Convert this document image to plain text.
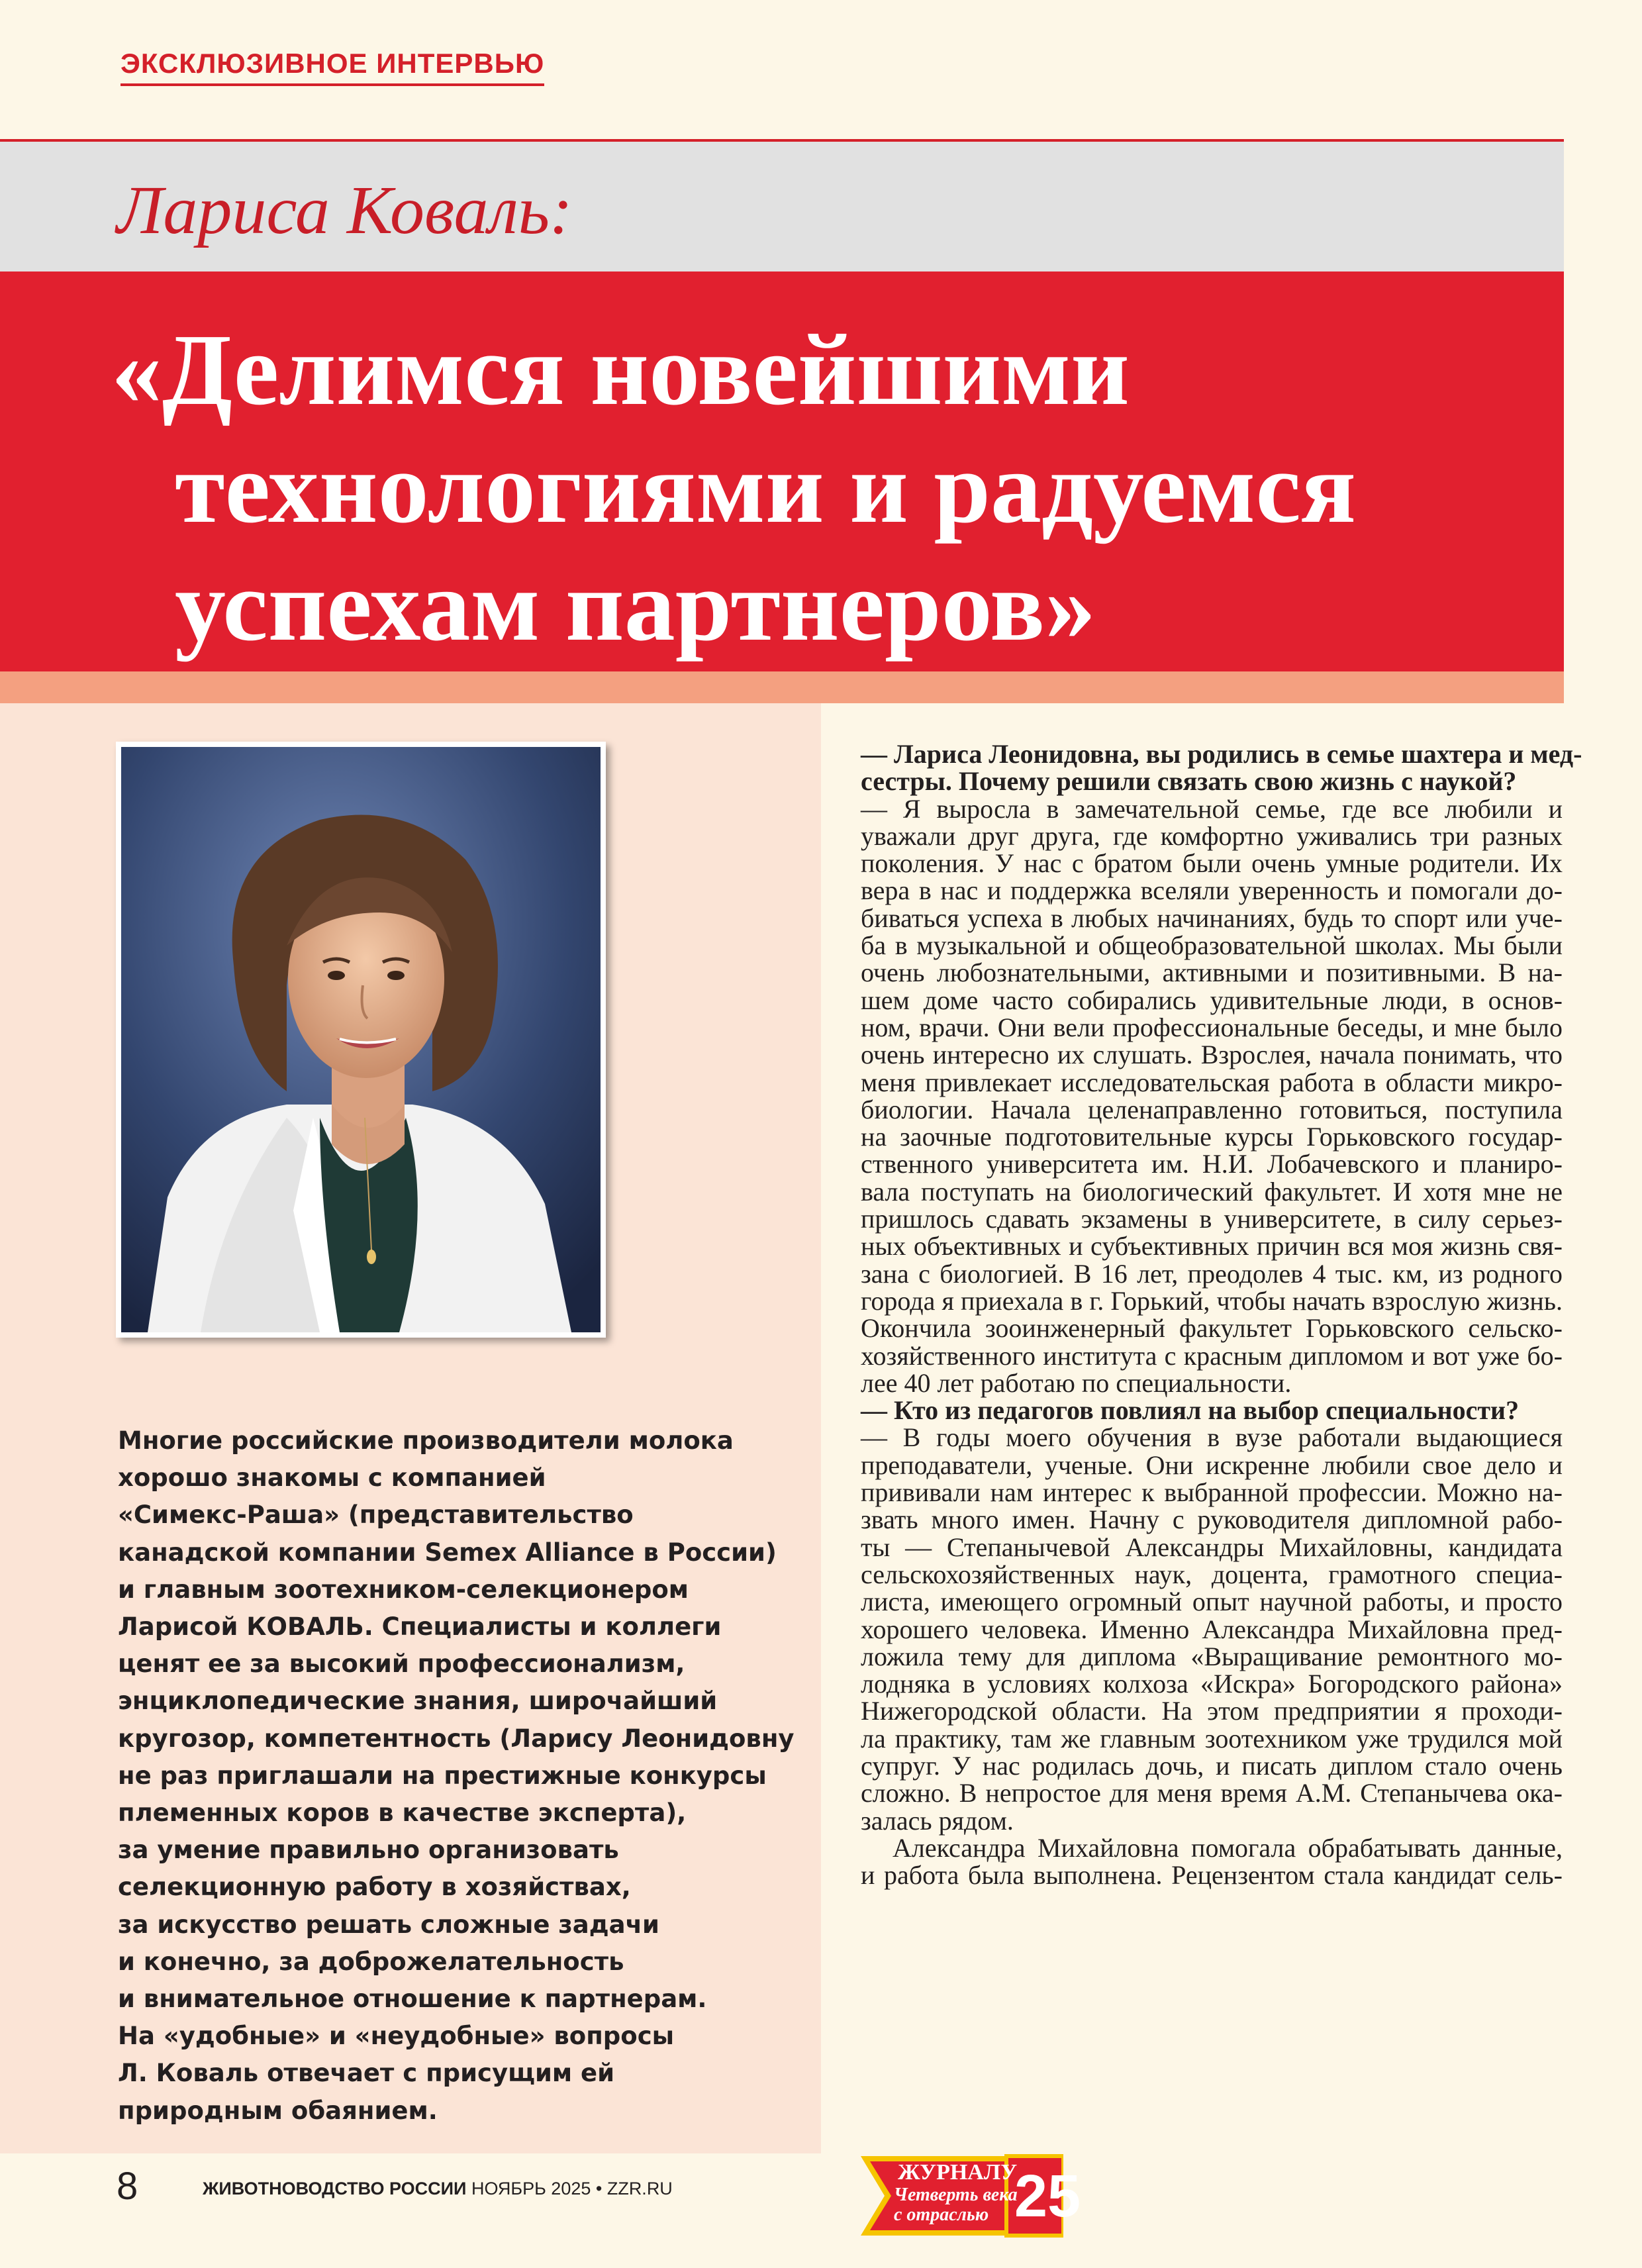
ЭКСКЛЮЗИВНОЕ ИНТЕРВЬЮ
Лариса Коваль:
«Делимся новейшими
технологиями и радуемся
успехам партнеров»
Многие российские производители молока
хорошо знакомы с компанией
«Симекс-Раша» (представительство
канадской компании Semex Alliance в России)
и главным зоотехником-селекционером
Ларисой КОВАЛЬ. Специалисты и коллеги
ценят ее за высокий профессионализм,
энциклопедические знания, широчайший
кругозор, компетентность (Ларису Леонидовну
не раз приглашали на престижные конкурсы
племенных коров в качестве эксперта),
за умение правильно организовать
селекционную работу в хозяйствах,
за искусство решать сложные задачи
и конечно, за доброжелательность
и внимательное отношение к партнерам.
На «удобные» и «неудобные» вопросы
Л. Коваль отвечает с присущим ей
природным обаянием.
— Лариса Леонидовна, вы родились в семье шахтера и мед-
сестры. Почему решили связать свою жизнь с наукой?
— Я выросла в замечательной семье, где все любили и
уважали друг друга, где комфортно уживались три разных
поколения. У нас с братом были очень умные родители. Их
вера в нас и поддержка вселяли уверенность и помогали до-
биваться успеха в любых начинаниях, будь то спорт или уче-
ба в музыкальной и общеобразовательной школах. Мы были
очень любознательными, активными и позитивными. В на-
шем доме часто собирались удивительные люди, в основ-
ном, врачи. Они вели профессиональные беседы, и мне было
очень интересно их слушать. Взрослея, начала понимать, что
меня привлекает исследовательская работа в области микро-
биологии. Начала целенаправленно готовиться, поступила
на заочные подготовительные курсы Горьковского государ-
ственного университета им. Н.И. Лобачевского и планиро-
вала поступать на биологический факультет. И хотя мне не
пришлось сдавать экзамены в университете, в силу серьез-
ных объективных и субъективных причин вся моя жизнь свя-
зана с биологией. В 16 лет, преодолев 4 тыс. км, из родного
города я приехала в г. Горький, чтобы начать взрослую жизнь.
Окончила зооинженерный факультет Горьковского сельско-
хозяйственного института с красным дипломом и вот уже бо-
лее 40 лет работаю по специальности.
— Кто из педагогов повлиял на выбор специальности?
— В годы моего обучения в вузе работали выдающиеся
преподаватели, ученые. Они искренне любили свое дело и
прививали нам интерес к выбранной профессии. Можно на-
звать много имен. Начну с руководителя дипломной рабо-
ты — Степанычевой Александры Михайловны, кандидата
сельскохозяйственных наук, доцента, грамотного специа-
листа, имеющего огромный опыт научной работы, и просто
хорошего человека. Именно Александра Михайловна пред-
ложила тему для диплома «Выращивание ремонтного мо-
лодняка в условиях колхоза «Искра» Богородского района»
Нижегородской области. На этом предприятии я проходи-
ла практику, там же главным зоотехником уже трудился мой
супруг. У нас родилась дочь, и писать диплом стало очень
сложно. В непростое для меня время А.М. Степанычева ока-
залась рядом.
Александра Михайловна помогала обрабатывать данные,
и работа была выполнена. Рецензентом стала кандидат сель-
8	ЖИВОТНОВОДСТВО РОССИИ НОЯБРЬ 2025 • ZZR.RU
ЖУРНАЛУ
Четверть века
с отраслью 25
